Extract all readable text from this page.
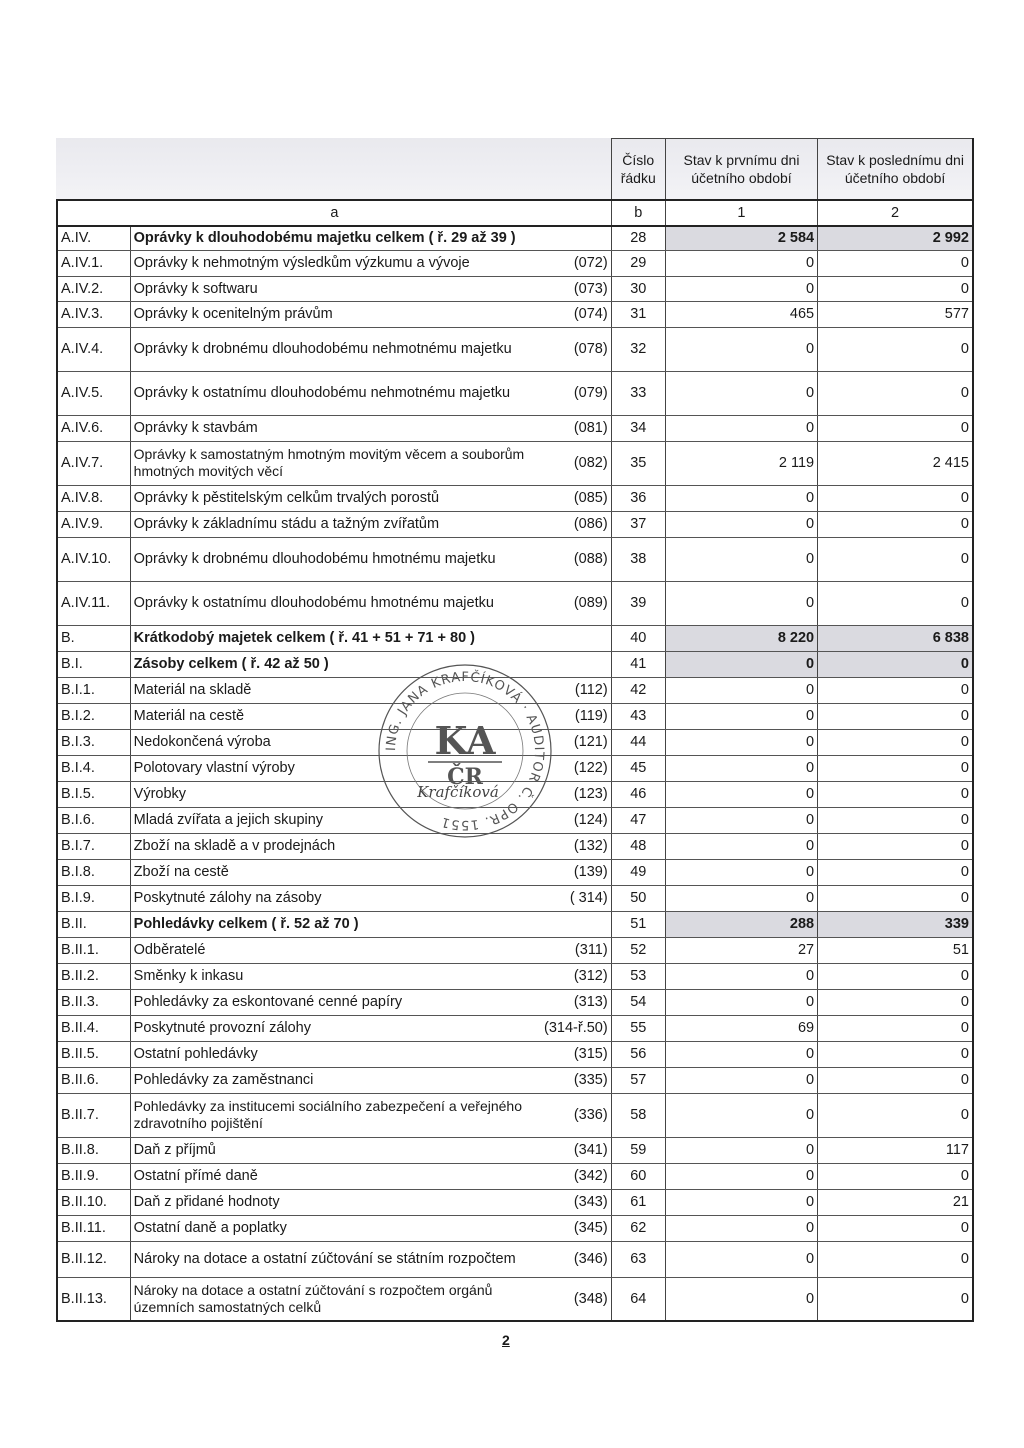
			Číslo řádku	Stav k prvnímu dni účetního období	Stav k poslednímu dni účetního období
a			b	1	2
A.IV.	Oprávky k dlouhodobému majetku celkem ( ř. 29 až 39 )		28	2 584	2 992
A.IV.1.	Oprávky k nehmotným výsledkům výzkumu a vývoje	(072)	29	0	0
A.IV.2.	Oprávky k softwaru	(073)	30	0	0
A.IV.3.	Oprávky k ocenitelným právům	(074)	31	465	577
A.IV.4.	Oprávky k drobnému dlouhodobému nehmotnému majetku	(078)	32	0	0
A.IV.5.	Oprávky k ostatnímu dlouhodobému nehmotnému majetku	(079)	33	0	0
A.IV.6.	Oprávky k stavbám	(081)	34	0	0
A.IV.7.	Oprávky k samostatným hmotným movitým věcem a souborům hmotných movitých věcí	(082)	35	2 119	2 415
A.IV.8.	Oprávky k pěstitelským celkům trvalých porostů	(085)	36	0	0
A.IV.9.	Oprávky k základnímu stádu a tažným zvířatům	(086)	37	0	0
A.IV.10.	Oprávky k drobnému dlouhodobému hmotnému majetku	(088)	38	0	0
A.IV.11.	Oprávky k ostatnímu dlouhodobému hmotnému majetku	(089)	39	0	0
B.	Krátkodobý majetek celkem ( ř. 41 + 51 + 71 + 80 )		40	8 220	6 838
B.I.	Zásoby celkem ( ř. 42 až 50 )		41	0	0
B.I.1.	Materiál na skladě	(112)	42	0	0
B.I.2.	Materiál na cestě	(119)	43	0	0
B.I.3.	Nedokončená výroba	(121)	44	0	0
B.I.4.	Polotovary vlastní výroby	(122)	45	0	0
B.I.5.	Výrobky	(123)	46	0	0
B.I.6.	Mladá zvířata a jejich skupiny	(124)	47	0	0
B.I.7.	Zboží na skladě a v prodejnách	(132)	48	0	0
B.I.8.	Zboží na cestě	(139)	49	0	0
B.I.9.	Poskytnuté zálohy na zásoby	( 314)	50	0	0
B.II.	Pohledávky celkem ( ř. 52 až 70 )		51	288	339
B.II.1.	Odběratelé	(311)	52	27	51
B.II.2.	Směnky k inkasu	(312)	53	0	0
B.II.3.	Pohledávky za eskontované cenné papíry	(313)	54	0	0
B.II.4.	Poskytnuté provozní zálohy	(314-ř.50)	55	69	0
B.II.5.	Ostatní pohledávky	(315)	56	0	0
B.II.6.	Pohledávky za zaměstnanci	(335)	57	0	0
B.II.7.	Pohledávky za institucemi sociálního zabezpečení a veřejného zdravotního pojištění	(336)	58	0	0
B.II.8.	Daň z příjmů	(341)	59	0	117
B.II.9.	Ostatní přímé daně	(342)	60	0	0
B.II.10.	Daň z přidané hodnoty	(343)	61	0	21
B.II.11.	Ostatní daně a poplatky	(345)	62	0	0
B.II.12.	Nároky na dotace a ostatní zúčtování se státním rozpočtem	(346)	63	0	0
B.II.13.	Nároky na dotace a ostatní zúčtování s rozpočtem orgánů územních samostatných celků	(348)	64	0	0
ING. JANA KRAFČÍKOVÁ · AUDITOR Č. OPR. 1551
KA
ČR
Krafčíková
2
